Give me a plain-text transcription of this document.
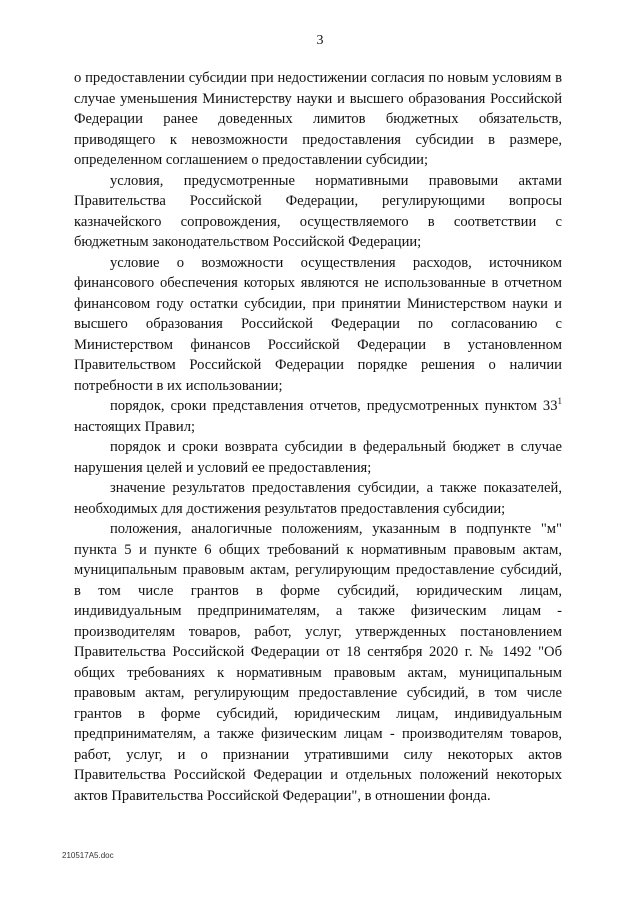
3

о предоставлении субсидии при недостижении согласия по новым условиям в случае уменьшения Министерству науки и высшего образования Российской Федерации ранее доведенных лимитов бюджетных обязательств, приводящего к невозможности предоставления субсидии в размере, определенном соглашением о предоставлении субсидии;

условия, предусмотренные нормативными правовыми актами Правительства Российской Федерации, регулирующими вопросы казначейского сопровождения, осуществляемого в соответствии с бюджетным законодательством Российской Федерации;

условие о возможности осуществления расходов, источником финансового обеспечения которых являются не использованные в отчетном финансовом году остатки субсидии, при принятии Министерством науки и высшего образования Российской Федерации по согласованию с Министерством финансов Российской Федерации в установленном Правительством Российской Федерации порядке решения о наличии потребности в их использовании;

порядок, сроки представления отчетов, предусмотренных пунктом $33^1$ настоящих Правил;

порядок и сроки возврата субсидии в федеральный бюджет в случае нарушения целей и условий ее предоставления;

значение результатов предоставления субсидии, а также показателей, необходимых для достижения результатов предоставления субсидии;

положения, аналогичные положениям, указанным в подпункте "м" пункта 5 и пункте 6 общих требований к нормативным правовым актам, муниципальным правовым актам, регулирующим предоставление субсидий, в том числе грантов в форме субсидий, юридическим лицам, индивидуальным предпринимателям, а также физическим лицам - производителям товаров, работ, услуг, утвержденных постановлением Правительства Российской Федерации от 18 сентября 2020 г. № 1492 "Об общих требованиях к нормативным правовым актам, муниципальным правовым актам, регулирующим предоставление субсидий, в том числе грантов в форме субсидий, юридическим лицам, индивидуальным предпринимателям, а также физическим лицам - производителям товаров, работ, услуг, и о признании утратившими силу некоторых актов Правительства Российской Федерации и отдельных положений некоторых актов Правительства Российской Федерации", в отношении фонда.

210517А5.doc
